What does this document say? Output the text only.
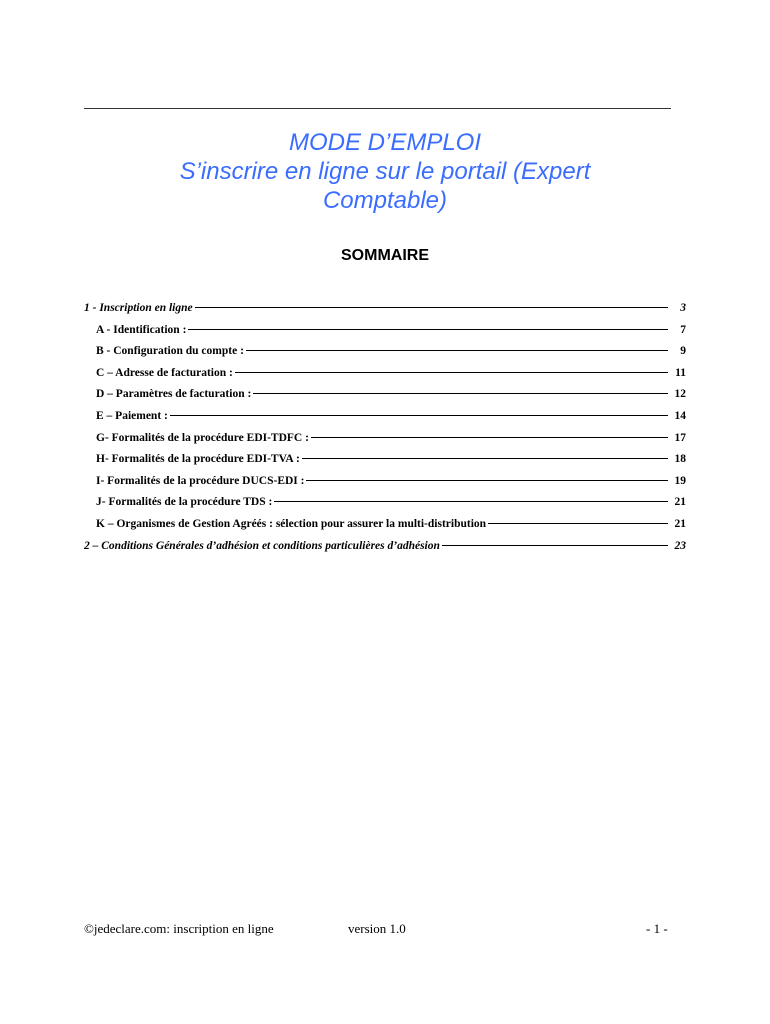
MODE D’EMPLOI
S’inscrire en ligne sur le portail (Expert
Comptable)
SOMMAIRE
1 - Inscription en ligne	3
A - Identification :	7
B - Configuration du compte :	9
C – Adresse de facturation :	11
D – Paramètres de facturation :	12
E – Paiement :	14
G- Formalités de la procédure EDI-TDFC :	17
H- Formalités de la procédure EDI-TVA :	18
I- Formalités de la procédure DUCS-EDI :	19
J- Formalités de la procédure TDS :	21
K – Organismes de Gestion Agréés : sélection pour assurer la multi-distribution	21
2 – Conditions Générales d’adhésion et conditions particulières d’adhésion	23
©jedeclare.com: inscription en ligne	version 1.0	- 1 -
